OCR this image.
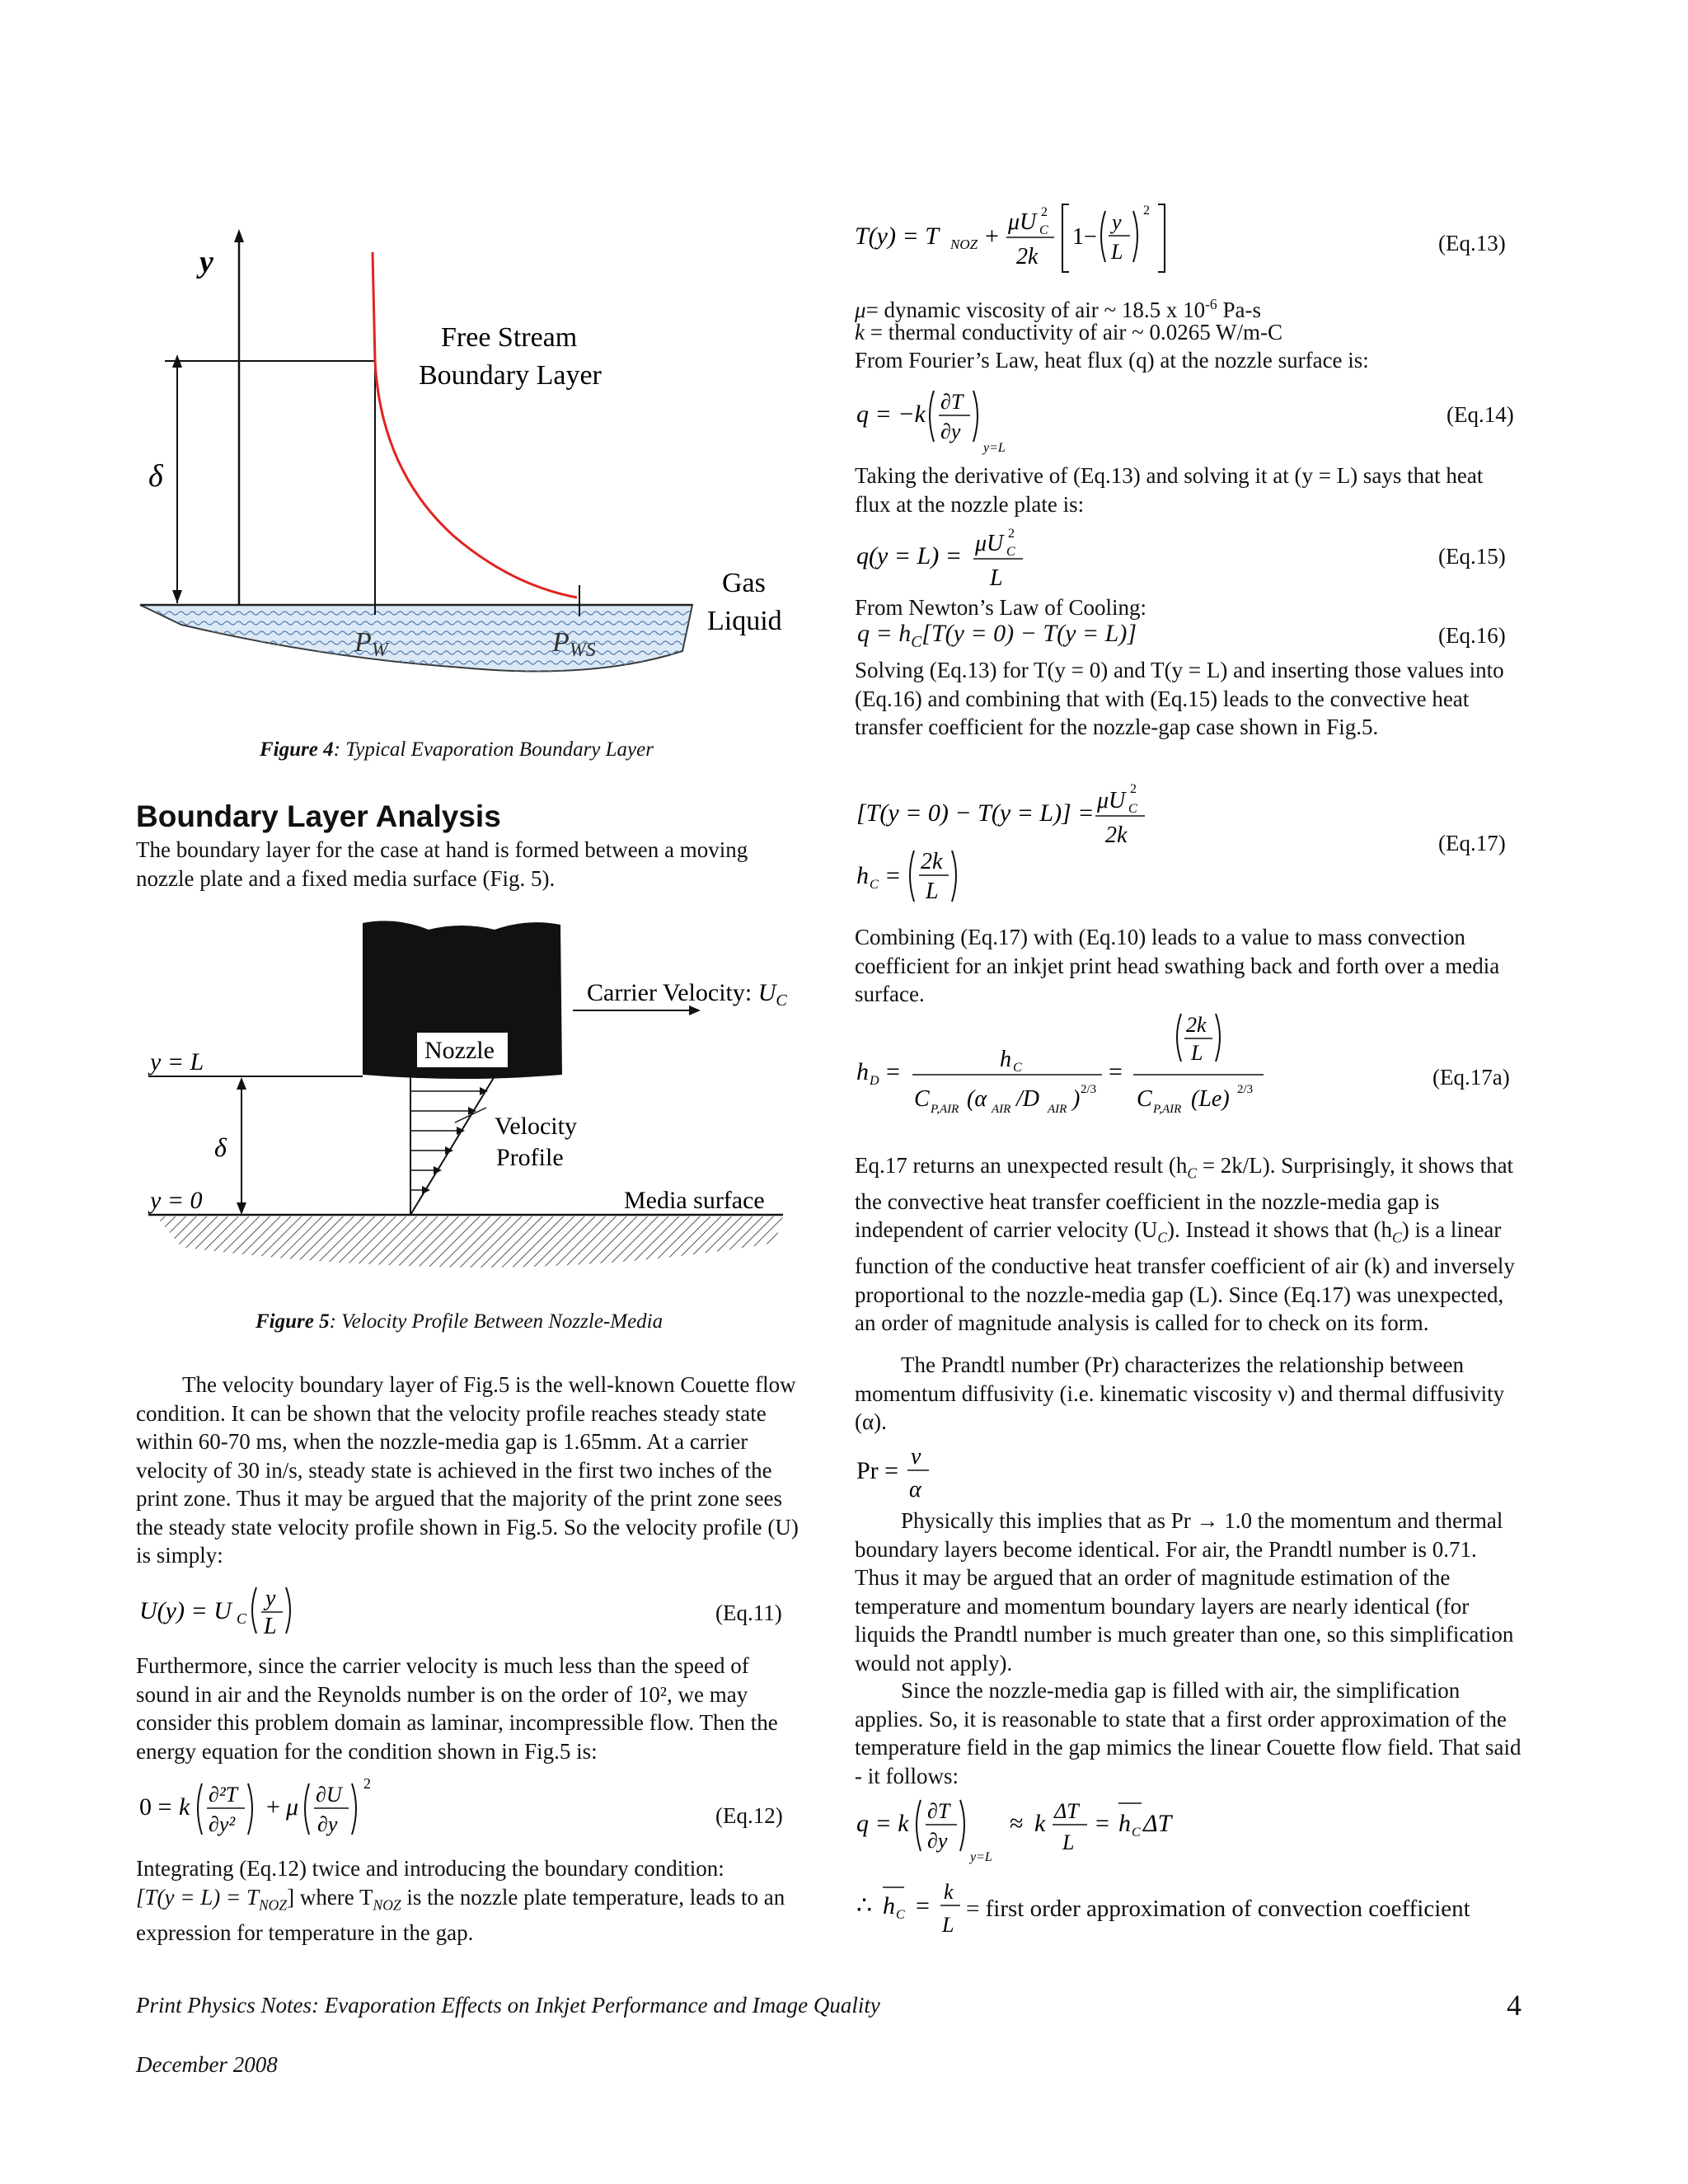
y
δ
Free Stream
Boundary Layer
Gas
Liquid
PW	PWS
Figure 4: Typical Evaporation Boundary Layer
Boundary Layer Analysis
The boundary layer for the case at hand is formed between a moving nozzle plate and a fixed media surface (Fig. 5).
Nozzle
Carrier Velocity: $U_C$
y = L
δ
Velocity
Profile
y = 0	Media surface
Figure 5: Velocity Profile Between Nozzle-Media
The velocity boundary layer of Fig.5 is the well-known Couette flow condition. It can be shown that the velocity profile reaches steady state within 60-70 ms, when the nozzle-media gap is 1.65mm. At a carrier velocity of 30 in/s, steady state is achieved in the first two inches of the print zone. Thus it may be argued that the majority of the print zone sees the steady state velocity profile shown in Fig.5. So the velocity profile (U) is simply:
U(y) = U C
y
L
(Eq.11)
Furthermore, since the carrier velocity is much less than the speed of sound in air and the Reynolds number is on the order of 10², we may consider this problem domain as laminar, incompressible flow. Then the energy equation for the condition shown in Fig.5 is:
0 = k ∂²T
∂y²
+ μ ∂U
∂y
2
(Eq.12)
Integrating (Eq.12) twice and introducing the boundary condition:
$[T(y = L) = T_{NOZ}]$ where $T_{NOZ}$ is the nozzle plate temperature, leads to an expression for temperature in the gap.
T(y) = T NOZ +
μU C
2
2k
1−
y
L
2
(Eq.13)
μ= dynamic viscosity of air ~ 18.5 x $10^{-6}$ Pa-s
k = thermal conductivity of air ~ 0.0265 W/m-C
From Fourier’s Law, heat flux (q) at the nozzle surface is:
q = −k ∂T
∂y
y=L
(Eq.14)
Taking the derivative of (Eq.13) and solving it at (y = L) says that heat flux at the nozzle plate is:
q(y = L) = μU C
2
L
(Eq.15)
From Newton’s Law of Cooling:
$q = h_C[T(y = 0) - T(y = L)]$	(Eq.16)
Solving (Eq.13) for T(y = 0) and T(y = L) and inserting those values into (Eq.16) and combining that with (Eq.15) leads to the convective heat transfer coefficient for the nozzle-gap case shown in Fig.5.
[T(y = 0) − T(y = L)] = μU C
2
2k
h C =
2k
L
(Eq.17)
Combining (Eq.17) with (Eq.10) leads to a value to mass convection coefficient for an inkjet print head swathing back and forth over a media surface.
h D =	h C
C P,AIR (α AIR /D AIR ) 2/3
=
2k
L
C P,AIR (Le) 2/3	(Eq.17a)
Eq.17 returns an unexpected result $(h_C = 2k/L)$. Surprisingly, it shows that the convective heat transfer coefficient in the nozzle-media gap is independent of carrier velocity $(U_C)$. Instead it shows that $(h_C)$ is a linear function of the conductive heat transfer coefficient of air (k) and inversely proportional to the nozzle-media gap (L). Since (Eq.17) was unexpected, an order of magnitude analysis is called for to check on its form.
The Prandtl number (Pr) characterizes the relationship between momentum diffusivity (i.e. kinematic viscosity ν) and thermal diffusivity (α).
Pr =
ν
α
Physically this implies that as Pr → 1.0 the momentum and thermal boundary layers become identical. For air, the Prandtl number is 0.71. Thus it may be argued that an order of magnitude estimation of the temperature and momentum boundary layers are nearly identical (for liquids the Prandtl number is much greater than one, so this simplification would not apply).
Since the nozzle-media gap is filled with air, the simplification applies. So, it is reasonable to state that a first order approximation of the temperature field in the gap mimics the linear Couette flow field. That said - it follows:
q = k ∂T
∂y
y=L
≈ k ΔT
L
= h C ΔT
∴ h C =
k
L
= first order approximation of convection coefficient
Print Physics Notes: Evaporation Effects on Inkjet Performance and Image Quality	4
December 2008
